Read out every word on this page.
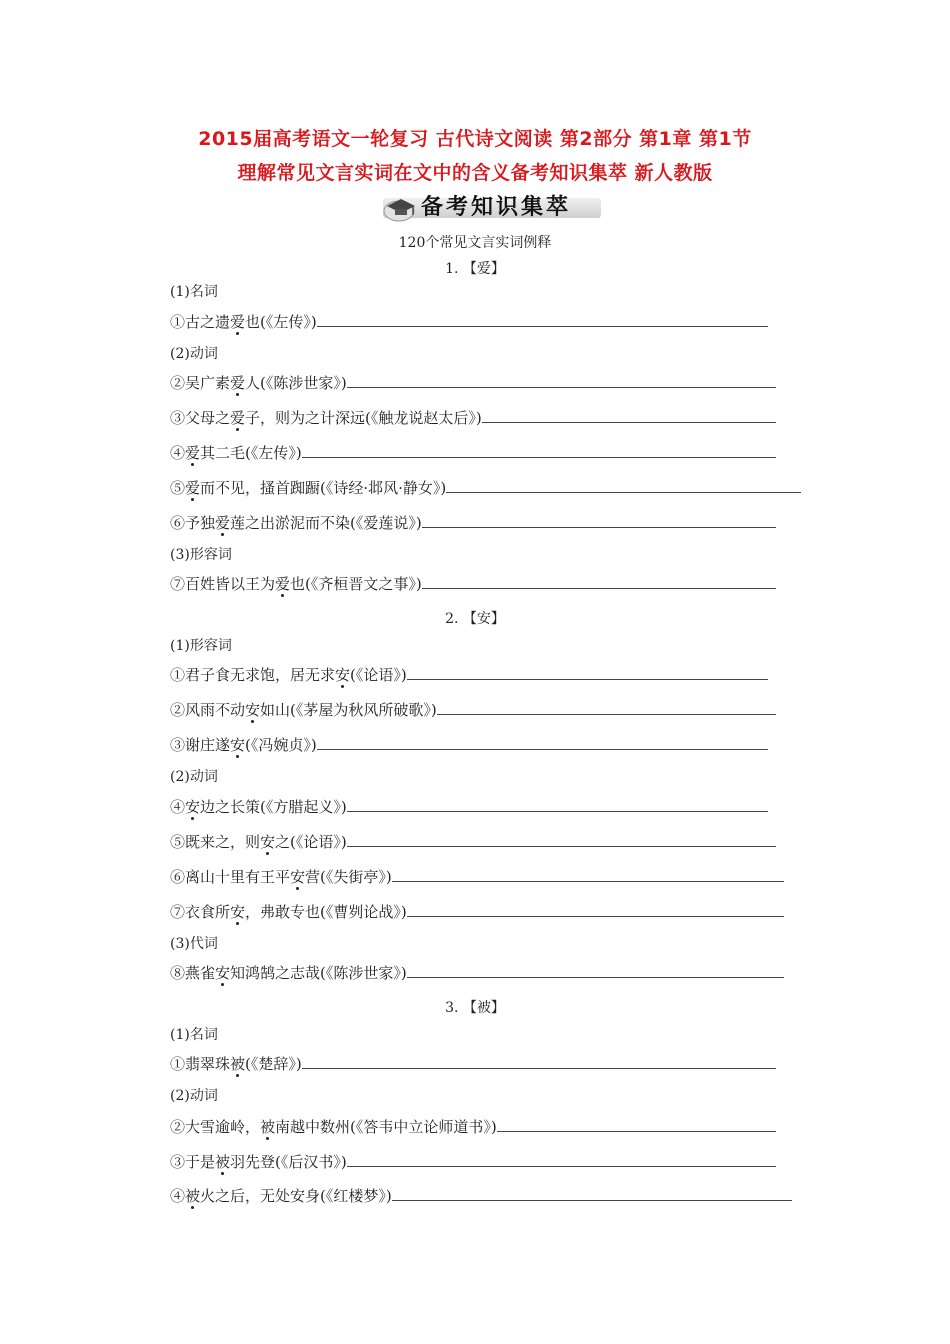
2015届高考语文一轮复习 古代诗文阅读 第2部分 第1章 第1节
理解常见文言实词在文中的含义备考知识集萃 新人教版
备考知识集萃
120个常见文言实词例释
1. 【爱】
(1)名词
①古之遗爱也(《左传》)
(2)动词
②吴广素爱人(《陈涉世家》)
③父母之爱子，则为之计深远(《触龙说赵太后》)
④爱其二毛(《左传》)
⑤爱而不见，搔首踟蹰(《诗经·邶风·静女》)
⑥予独爱莲之出淤泥而不染(《爱莲说》)
(3)形容词
⑦百姓皆以王为爱也(《齐桓晋文之事》)
2. 【安】
(1)形容词
①君子食无求饱，居无求安(《论语》)
②风雨不动安如山(《茅屋为秋风所破歌》)
③谢庄遂安(《冯婉贞》)
(2)动词
④安边之长策(《方腊起义》)
⑤既来之，则安之(《论语》)
⑥离山十里有王平安营(《失街亭》)
⑦衣食所安，弗敢专也(《曹刿论战》)
(3)代词
⑧燕雀安知鸿鹄之志哉(《陈涉世家》)
3. 【被】
(1)名词
①翡翠珠被(《楚辞》)
(2)动词
②大雪逾岭，被南越中数州(《答韦中立论师道书》)
③于是被羽先登(《后汉书》)
④被火之后，无处安身(《红楼梦》)
